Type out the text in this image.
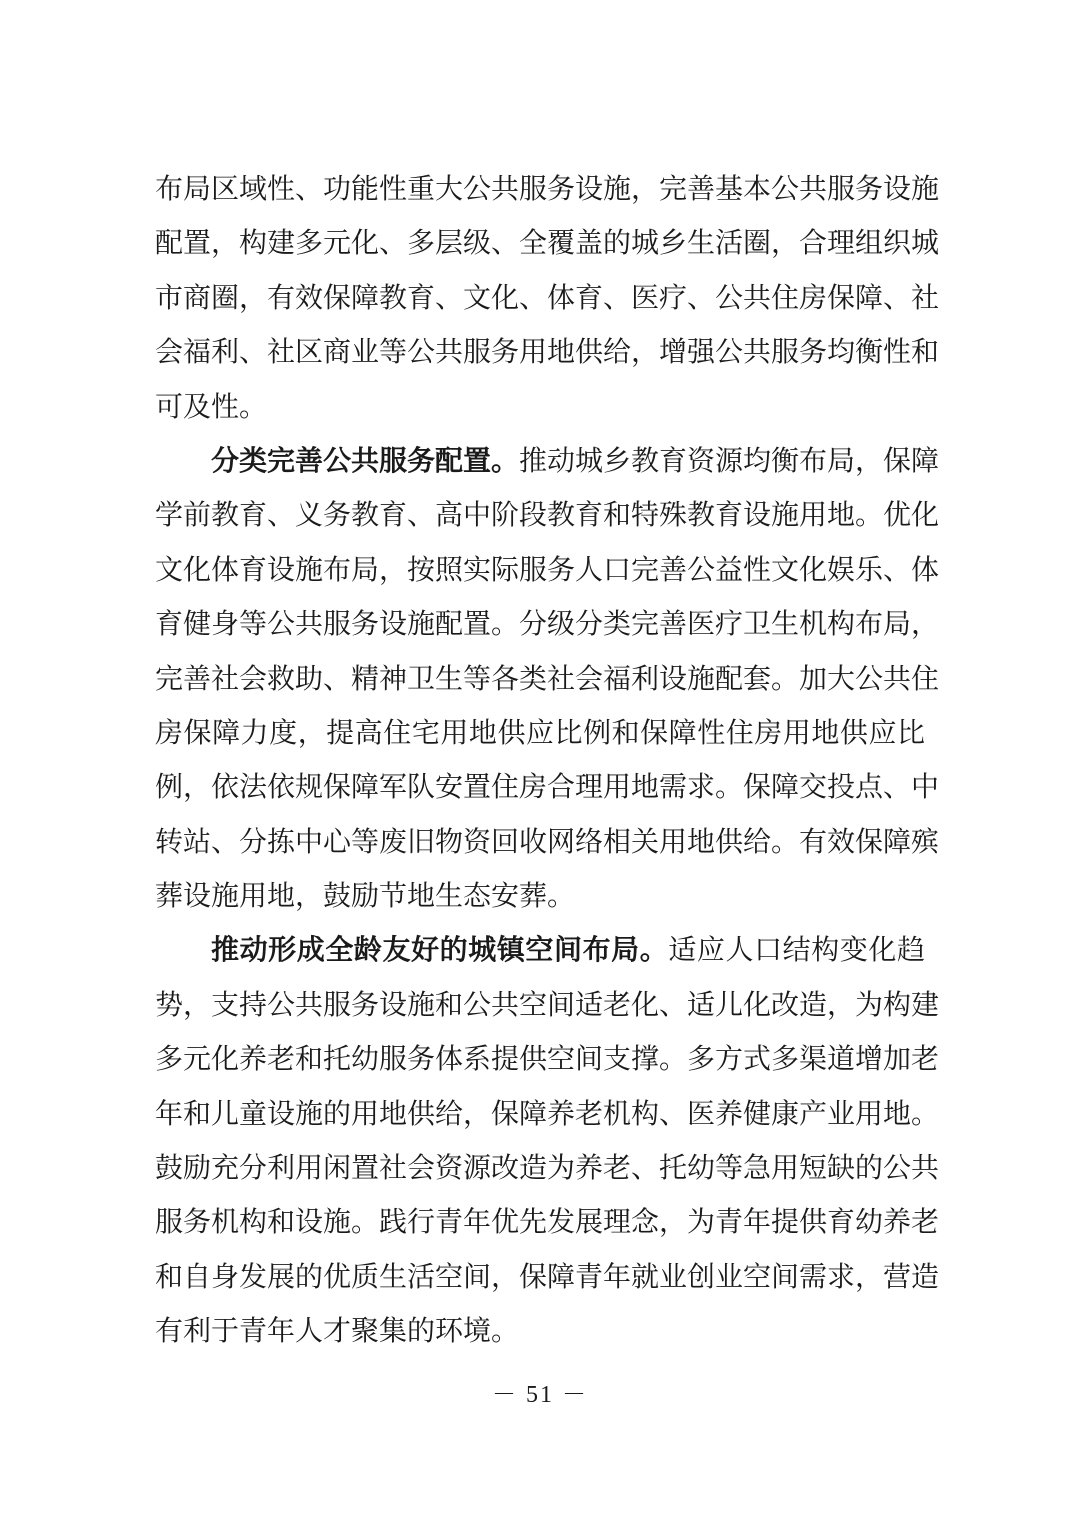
布局区域性、功能性重大公共服务设施，完善基本公共服务设施
配置，构建多元化、多层级、全覆盖的城乡生活圈，合理组织城
市商圈，有效保障教育、文化、体育、医疗、公共住房保障、社
会福利、社区商业等公共服务用地供给，增强公共服务均衡性和
可及性。
分类完善公共服务配置。推动城乡教育资源均衡布局，保障
学前教育、义务教育、高中阶段教育和特殊教育设施用地。优化
文化体育设施布局，按照实际服务人口完善公益性文化娱乐、体
育健身等公共服务设施配置。分级分类完善医疗卫生机构布局，
完善社会救助、精神卫生等各类社会福利设施配套。加大公共住
房保障力度，提高住宅用地供应比例和保障性住房用地供应比
例，依法依规保障军队安置住房合理用地需求。保障交投点、中
转站、分拣中心等废旧物资回收网络相关用地供给。有效保障殡
葬设施用地，鼓励节地生态安葬。
推动形成全龄友好的城镇空间布局。适应人口结构变化趋
势，支持公共服务设施和公共空间适老化、适儿化改造，为构建
多元化养老和托幼服务体系提供空间支撑。多方式多渠道增加老
年和儿童设施的用地供给，保障养老机构、医养健康产业用地。
鼓励充分利用闲置社会资源改造为养老、托幼等急用短缺的公共
服务机构和设施。践行青年优先发展理念，为青年提供育幼养老
和自身发展的优质生活空间，保障青年就业创业空间需求，营造
有利于青年人才聚集的环境。
－ 51 －
